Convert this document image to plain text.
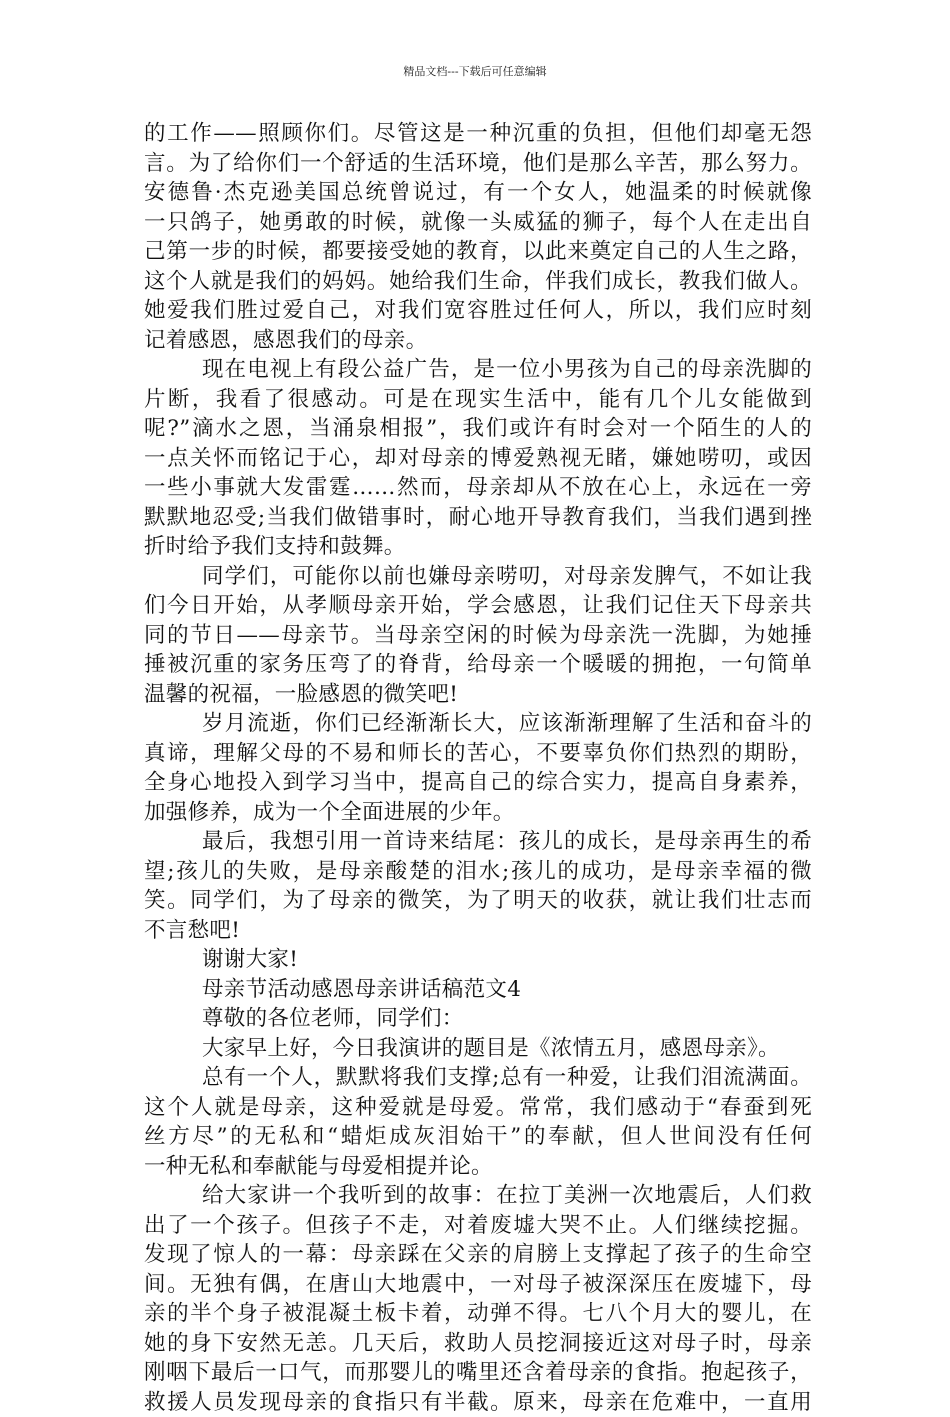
精品文档---下载后可任意编辑
的工作——照顾你们。尽管这是一种沉重的负担，但他们却毫无怨
言。为了给你们一个舒适的生活环境，他们是那么辛苦，那么努力。
安德鲁·杰克逊美国总统曾说过，有一个女人，她温柔的时候就像
一只鸽子，她勇敢的时候，就像一头威猛的狮子，每个人在走出自
己第一步的时候，都要接受她的教育，以此来奠定自己的人生之路，
这个人就是我们的妈妈。她给我们生命，伴我们成长，教我们做人。
她爱我们胜过爱自己，对我们宽容胜过任何人，所以，我们应时刻
记着感恩，感恩我们的母亲。
现在电视上有段公益广告，是一位小男孩为自己的母亲洗脚的
片断，我看了很感动。可是在现实生活中，能有几个儿女能做到
呢?”滴水之恩，当涌泉相报”，我们或许有时会对一个陌生的人的
一点关怀而铭记于心，却对母亲的博爱熟视无睹，嫌她唠叨，或因
一些小事就大发雷霆……然而，母亲却从不放在心上，永远在一旁
默默地忍受;当我们做错事时，耐心地开导教育我们，当我们遇到挫
折时给予我们支持和鼓舞。
同学们，可能你以前也嫌母亲唠叨，对母亲发脾气，不如让我
们今日开始，从孝顺母亲开始，学会感恩，让我们记住天下母亲共
同的节日——母亲节。当母亲空闲的时候为母亲洗一洗脚，为她捶
捶被沉重的家务压弯了的脊背，给母亲一个暖暖的拥抱，一句简单
温馨的祝福，一脸感恩的微笑吧!
岁月流逝，你们已经渐渐长大，应该渐渐理解了生活和奋斗的
真谛，理解父母的不易和师长的苦心，不要辜负你们热烈的期盼，
全身心地投入到学习当中，提高自己的综合实力，提高自身素养，
加强修养，成为一个全面进展的少年。
最后，我想引用一首诗来结尾：孩儿的成长，是母亲再生的希
望;孩儿的失败，是母亲酸楚的泪水;孩儿的成功，是母亲幸福的微
笑。同学们，为了母亲的微笑，为了明天的收获，就让我们壮志而
不言愁吧!
谢谢大家!
母亲节活动感恩母亲讲话稿范文4
尊敬的各位老师，同学们：
大家早上好，今日我演讲的题目是《浓情五月，感恩母亲》。
总有一个人，默默将我们支撑;总有一种爱，让我们泪流满面。
这个人就是母亲，这种爱就是母爱。常常，我们感动于“春蚕到死
丝方尽”的无私和“蜡炬成灰泪始干”的奉献，但人世间没有任何
一种无私和奉献能与母爱相提并论。
给大家讲一个我听到的故事：在拉丁美洲一次地震后，人们救
出了一个孩子。但孩子不走，对着废墟大哭不止。人们继续挖掘。
发现了惊人的一幕：母亲踩在父亲的肩膀上支撑起了孩子的生命空
间。无独有偶，在唐山大地震中，一对母子被深深压在废墟下，母
亲的半个身子被混凝土板卡着，动弹不得。七八个月大的婴儿，在
她的身下安然无恙。几天后，救助人员挖洞接近这对母子时，母亲
刚咽下最后一口气，而那婴儿的嘴里还含着母亲的食指。抱起孩子，
救援人员发现母亲的食指只有半截。原来，母亲在危难中，一直用
